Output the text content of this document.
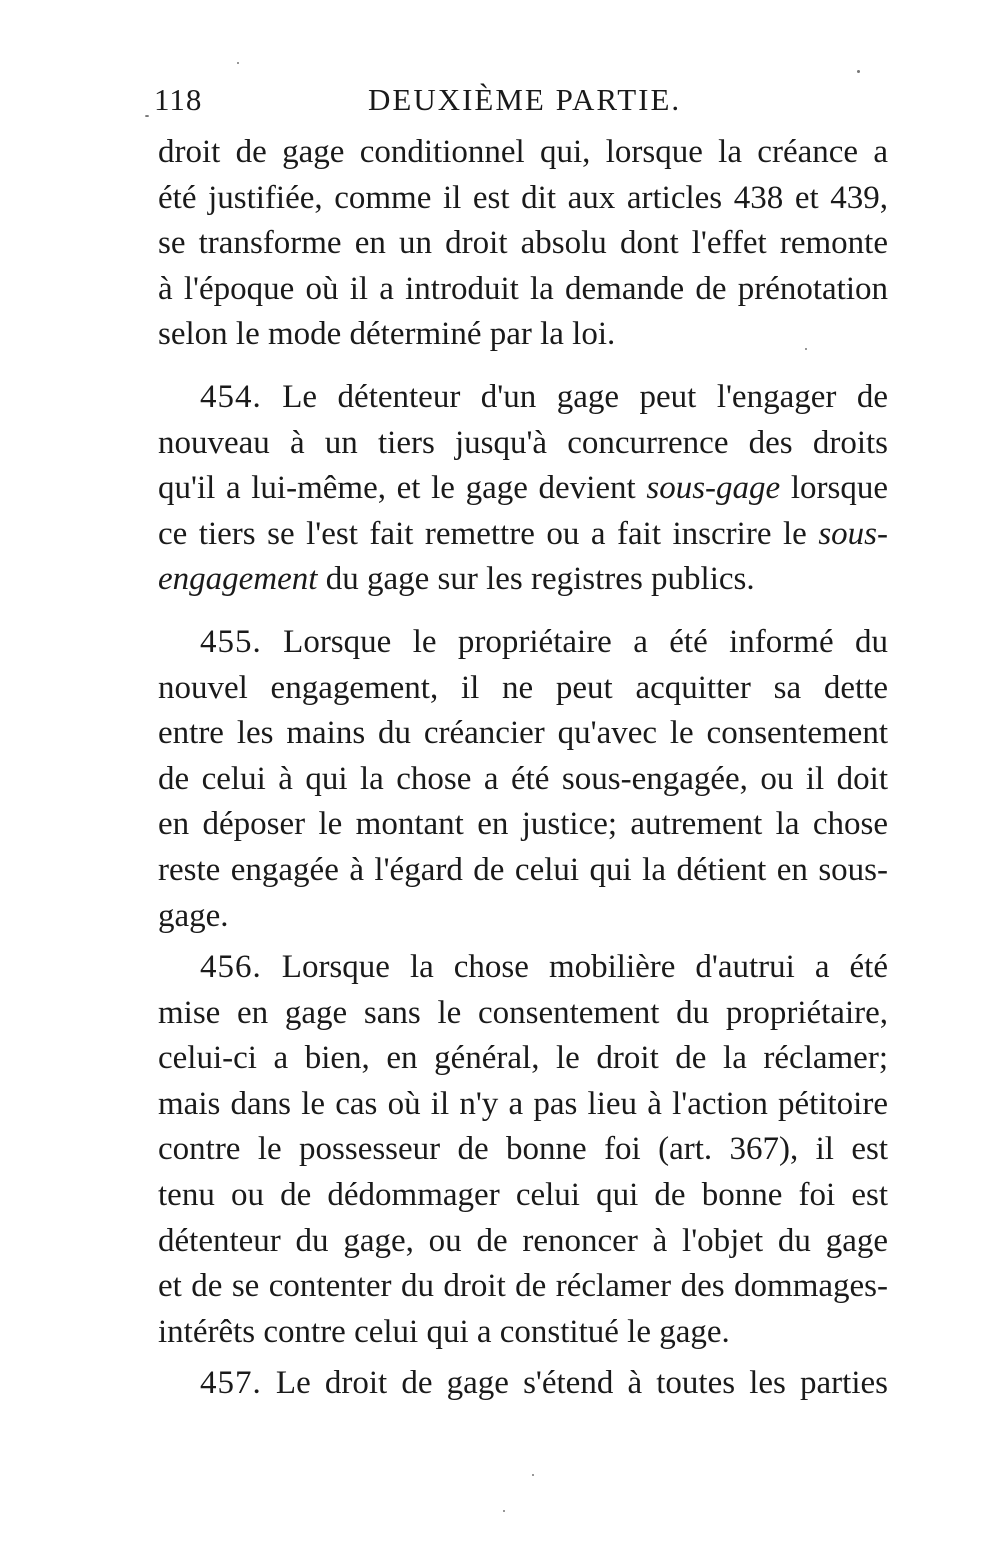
118	DEUXIÈME PARTIE.
droit de gage conditionnel qui, lorsque la créance a
été justifiée, comme il est dit aux articles 438 et 439,
se transforme en un droit absolu dont l'effet remonte
à l'époque où il a introduit la demande de prénotation
selon le mode déterminé par la loi.
454. Le détenteur d'un gage peut l'engager de
nouveau à un tiers jusqu'à concurrence des droits
qu'il a lui-même, et le gage devient sous-gage lorsque
ce tiers se l'est fait remettre ou a fait inscrire le sous-
engagement du gage sur les registres publics.
455. Lorsque le propriétaire a été informé du
nouvel engagement, il ne peut acquitter sa dette
entre les mains du créancier qu'avec le consentement
de celui à qui la chose a été sous-engagée, ou il doit
en déposer le montant en justice; autrement la chose
reste engagée à l'égard de celui qui la détient en sous-
gage.
456. Lorsque la chose mobilière d'autrui a été
mise en gage sans le consentement du propriétaire,
celui-ci a bien, en général, le droit de la réclamer;
mais dans le cas où il n'y a pas lieu à l'action pétitoire
contre le possesseur de bonne foi (art. 367), il est
tenu ou de dédommager celui qui de bonne foi est
détenteur du gage, ou de renoncer à l'objet du gage
et de se contenter du droit de réclamer des dommages-
intérêts contre celui qui a constitué le gage.
457. Le droit de gage s'étend à toutes les parties
